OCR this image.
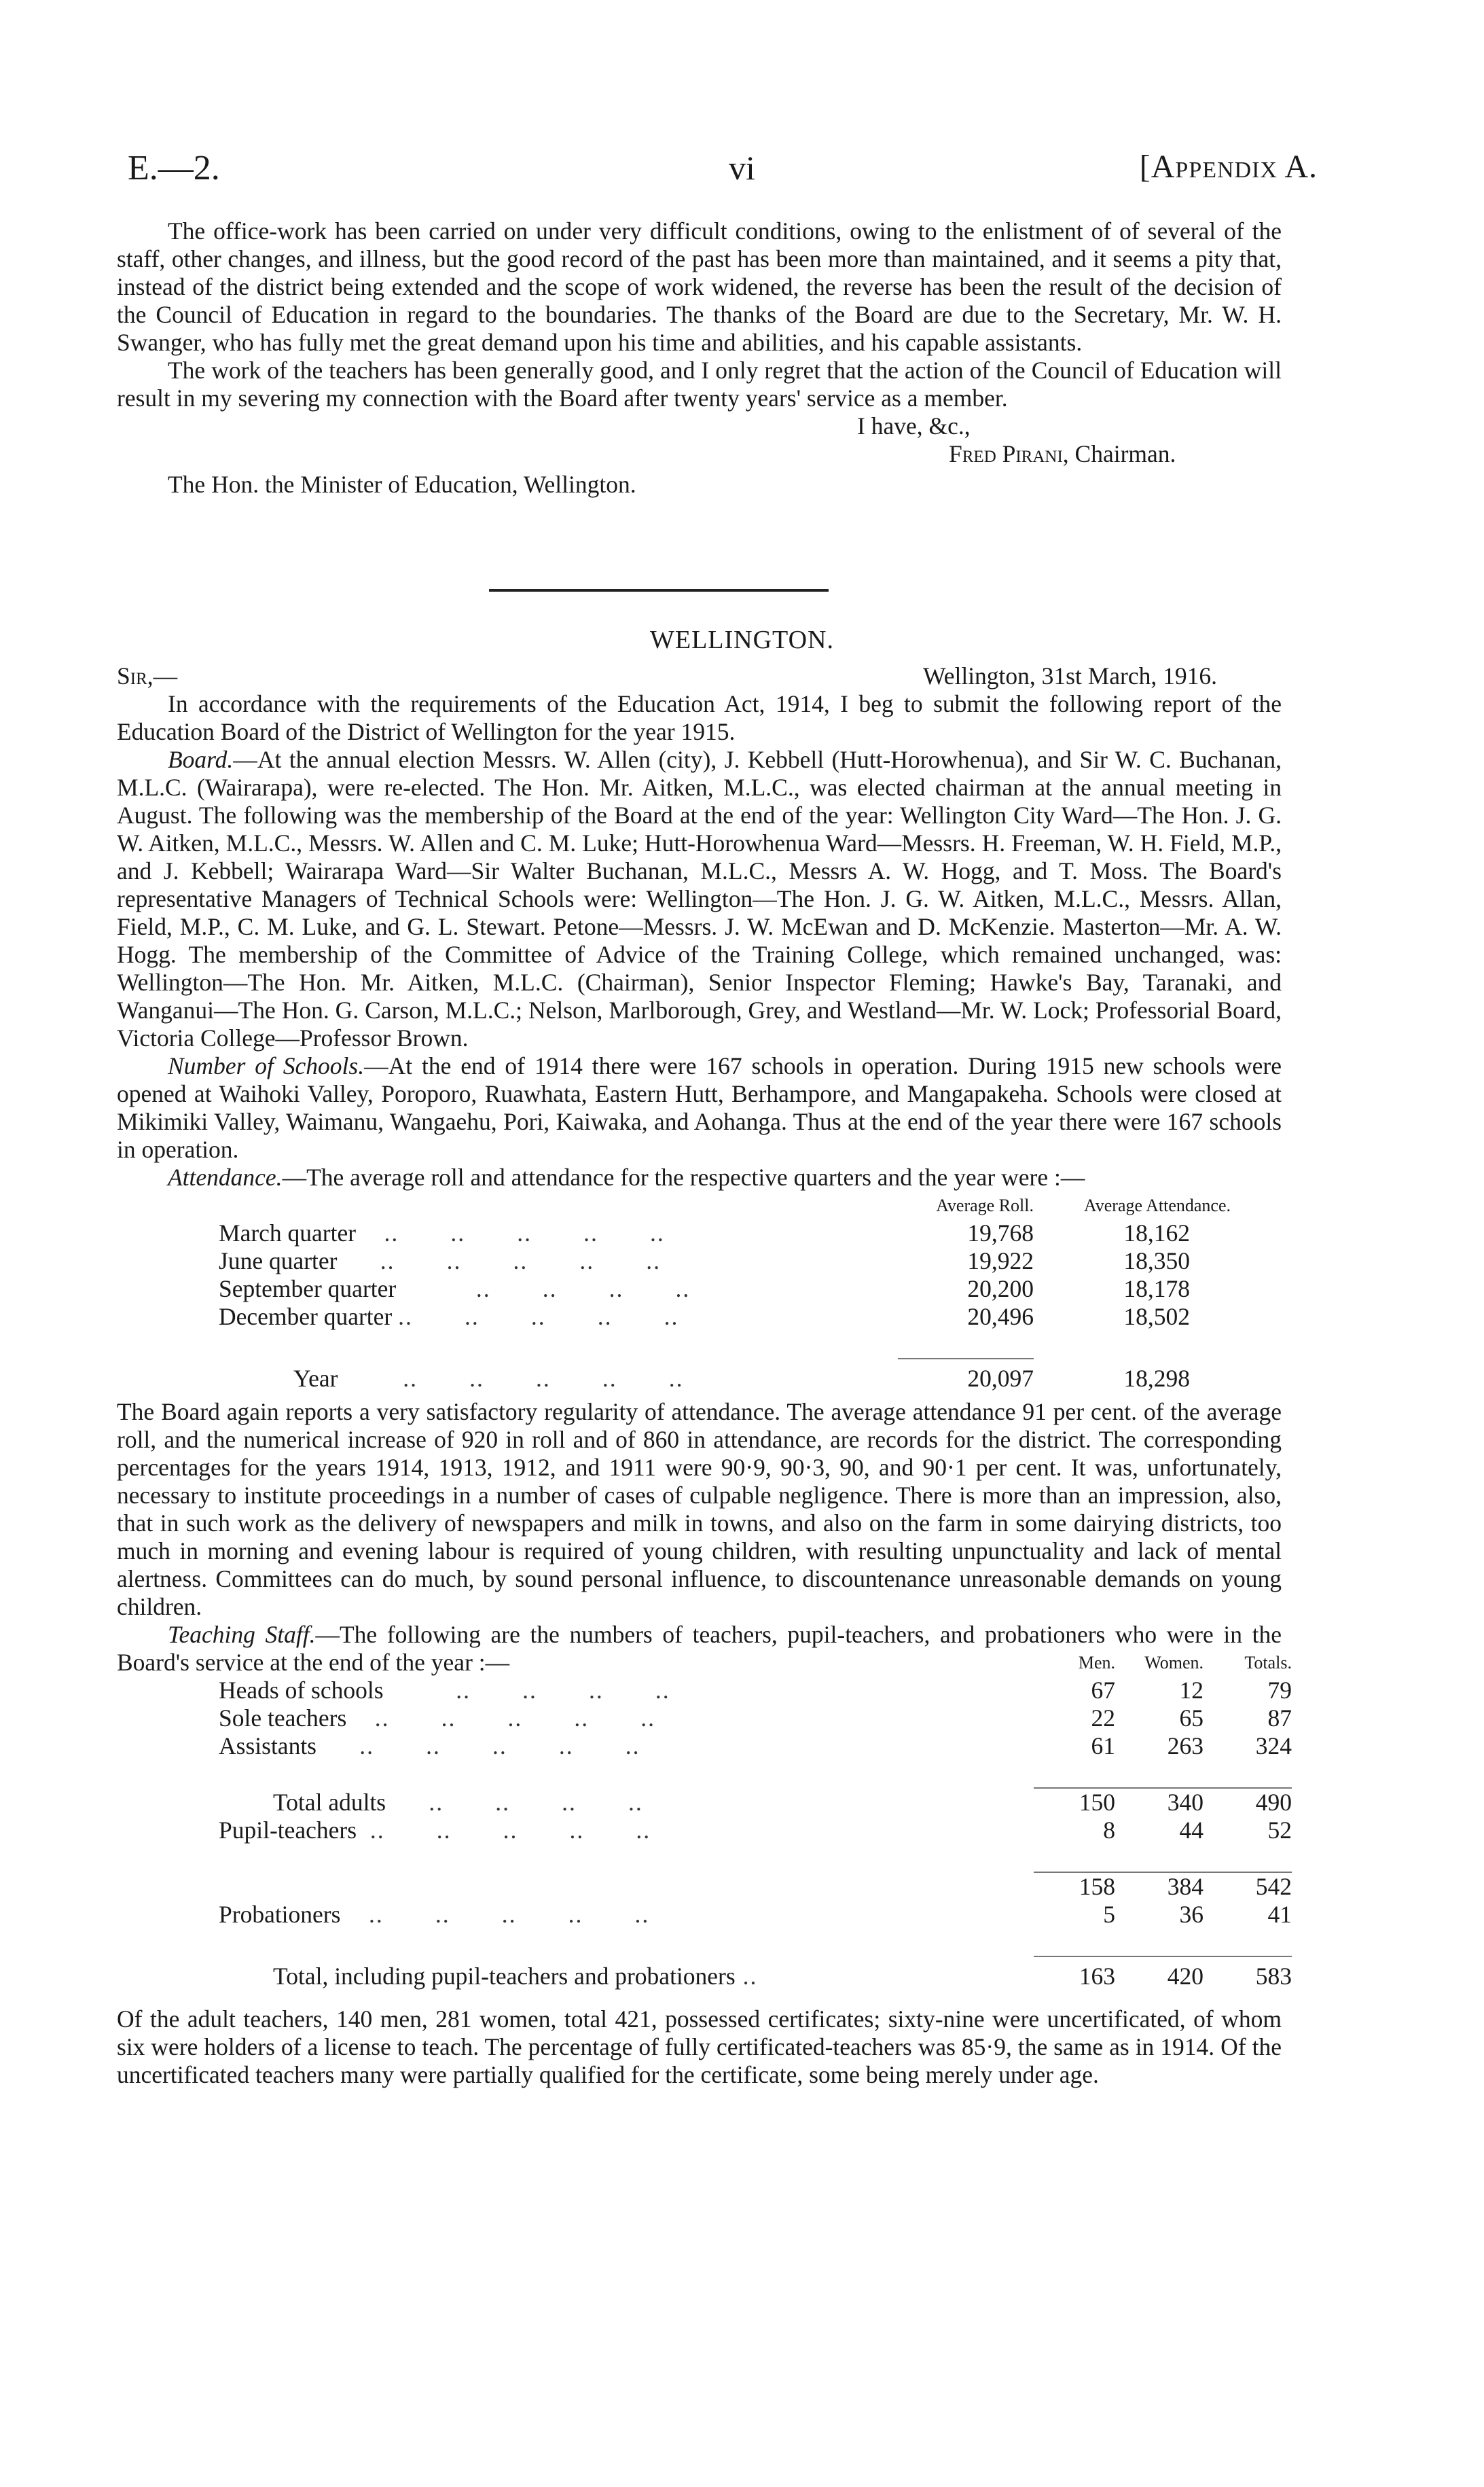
E.—2.	vi	[Appendix A.

The office-work has been carried on under very difficult conditions, owing to the enlistment of of several of the staff, other changes, and illness, but the good record of the past has been more than maintained, and it seems a pity that, instead of the district being extended and the scope of work widened, the reverse has been the result of the decision of the Council of Education in regard to the boundaries. The thanks of the Board are due to the Secretary, Mr. W. H. Swanger, who has fully met the great demand upon his time and abilities, and his capable assistants.

The work of the teachers has been generally good, and I only regret that the action of the Council of Education will result in my severing my connection with the Board after twenty years' service as a member.

I have, &c.,

Fred Pirani, Chairman.

The Hon. the Minister of Education, Wellington.

WELLINGTON.

Sir,—	Wellington, 31st March, 1916.

In accordance with the requirements of the Education Act, 1914, I beg to submit the following report of the Education Board of the District of Wellington for the year 1915.

Board.—At the annual election Messrs. W. Allen (city), J. Kebbell (Hutt-Horowhenua), and Sir W. C. Buchanan, M.L.C. (Wairarapa), were re-elected. The Hon. Mr. Aitken, M.L.C., was elected chairman at the annual meeting in August. The following was the membership of the Board at the end of the year: Wellington City Ward—The Hon. J. G. W. Aitken, M.L.C., Messrs. W. Allen and C. M. Luke; Hutt-Horowhenua Ward—Messrs. H. Freeman, W. H. Field, M.P., and J. Kebbell; Wairarapa Ward—Sir Walter Buchanan, M.L.C., Messrs A. W. Hogg, and T. Moss. The Board's representative Managers of Technical Schools were: Wellington—The Hon. J. G. W. Aitken, M.L.C., Messrs. Allan, Field, M.P., C. M. Luke, and G. L. Stewart. Petone—Messrs. J. W. McEwan and D. McKenzie. Masterton—Mr. A. W. Hogg. The membership of the Committee of Advice of the Training College, which remained unchanged, was: Wellington—The Hon. Mr. Aitken, M.L.C. (Chairman), Senior Inspector Fleming; Hawke's Bay, Taranaki, and Wanganui—The Hon. G. Carson, M.L.C.; Nelson, Marlborough, Grey, and Westland—Mr. W. Lock; Professorial Board, Victoria College—Professor Brown.

Number of Schools.—At the end of 1914 there were 167 schools in operation. During 1915 new schools were opened at Waihoki Valley, Poroporo, Ruawhata, Eastern Hutt, Berhampore, and Mangapakeha. Schools were closed at Mikimiki Valley, Waimanu, Wangaehu, Pori, Kaiwaka, and Aohanga. Thus at the end of the year there were 167 schools in operation.

Attendance.—The average roll and attendance for the respective quarters and the year were :—

	Average Roll.	Average Attendance.
March quarter    ..       ..       ..       ..       ..	19,768	18,162
June quarter      ..       ..       ..       ..       ..	19,922	18,350
September quarter           ..       ..       ..       ..	20,200	18,178
December quarter ..       ..       ..       ..       ..	20,496	18,502

Year         ..       ..       ..       ..       ..	20,097	18,298

The Board again reports a very satisfactory regularity of attendance. The average attendance 91 per cent. of the average roll, and the numerical increase of 920 in roll and of 860 in attendance, are records for the district. The corresponding percentages for the years 1914, 1913, 1912, and 1911 were 90·9, 90·3, 90, and 90·1 per cent. It was, unfortunately, necessary to institute proceedings in a number of cases of culpable negligence. There is more than an impression, also, that in such work as the delivery of newspapers and milk in towns, and also on the farm in some dairying districts, too much in morning and evening labour is required of young children, with resulting unpunctuality and lack of mental alertness. Committees can do much, by sound personal influence, to discountenance unreasonable demands on young children.

Teaching Staff.—The following are the numbers of teachers, pupil-teachers, and probationers who were in the Board's service at the end of the year :—

		Men.	Women.	Totals.
Heads of schools          ..       ..       ..       ..	67	12	79
Sole teachers    ..       ..       ..       ..       ..	22	65	87
Assistants      ..       ..       ..       ..       ..	61	263	324

Total adults      ..       ..       ..       ..	150	340	490
Pupil-teachers  ..       ..       ..       ..       ..	8	44	52

	158	384	542
Probationers    ..       ..       ..       ..       ..	5	36	41

Total, including pupil-teachers and probationers ..	163	420	583

Of the adult teachers, 140 men, 281 women, total 421, possessed certificates; sixty-nine were uncertificated, of whom six were holders of a license to teach. The percentage of fully certificated-teachers was 85·9, the same as in 1914. Of the uncertificated teachers many were partially qualified for the certificate, some being merely under age.
